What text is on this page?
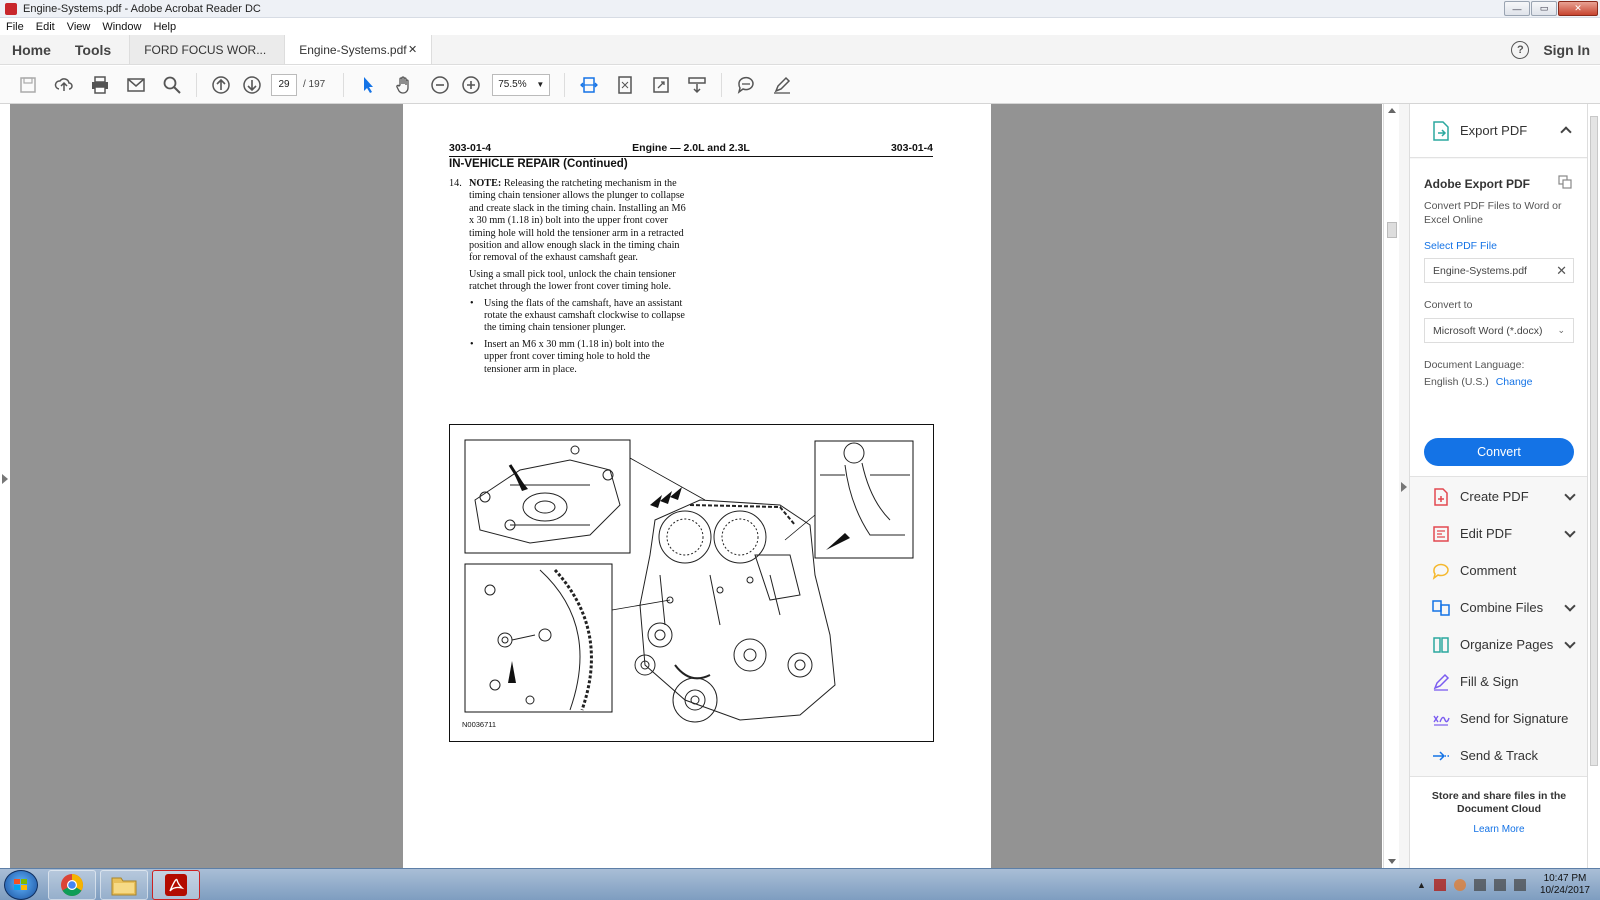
Engine-Systems.pdf - Adobe Acrobat Reader DC	—	▭	✕
File Edit View Window Help
Home	Tools	FORD FOCUS WOR...	Engine-Systems.pdf ✕	?	Sign In
29	/ 197	75.5% ▼
303-01-4	Engine — 2.0L and 2.3L	303-01-4
IN-VEHICLE REPAIR (Continued)
14. NOTE: Releasing the ratcheting mechanism in the timing chain tensioner allows the plunger to collapse and create slack in the timing chain. Installing an M6 x 30 mm (1.18 in) bolt into the upper front cover timing hole will hold the tensioner arm in a retracted position and allow enough slack in the timing chain for removal of the exhaust camshaft gear.

Using a small pick tool, unlock the chain tensioner ratchet through the lower front cover timing hole.

•	Using the flats of the camshaft, have an assistant rotate the exhaust camshaft clockwise to collapse the timing chain tensioner plunger.
•	Insert an M6 x 30 mm (1.18 in) bolt into the upper front cover timing hole to hold the tensioner arm in place.
N0036711
Export PDF
Adobe Export PDF
Convert PDF Files to Word or Excel Online
Select PDF File
Engine-Systems.pdf ✕
Convert to
Microsoft Word (*.docx) ⌄
Document Language:
English (U.S.) Change
Convert
Create PDF
Edit PDF
Comment
Combine Files
Organize Pages
Fill & Sign
Send for Signature
Send & Track
Store and share files in the Document Cloud
Learn More
▲
10:47 PM
10/24/2017
